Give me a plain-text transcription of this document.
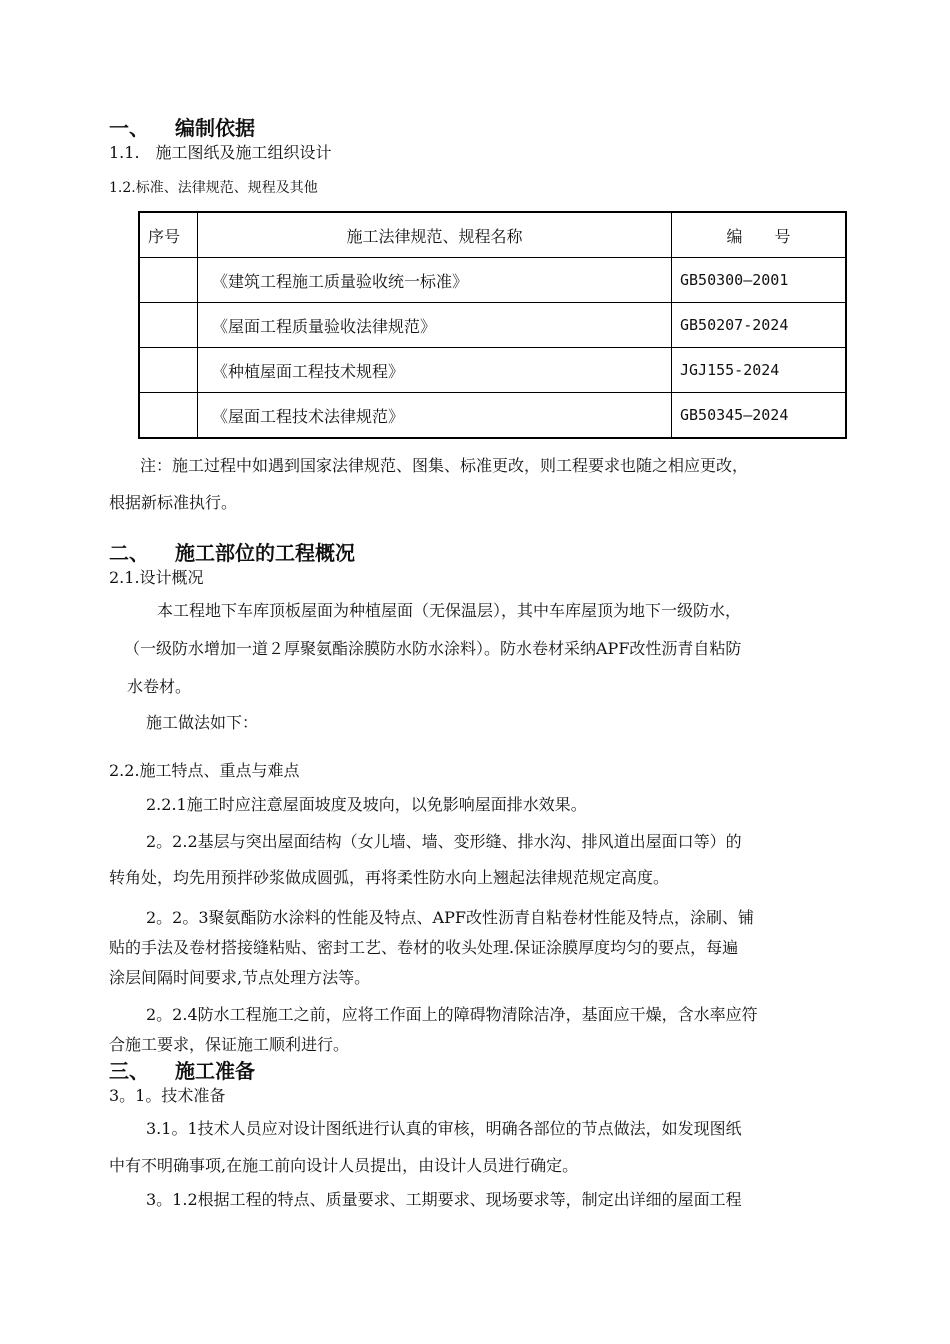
一、 编制依据
1.1.　施工图纸及施工组织设计
1.2.标准、法律规范、规程及其他
序号	施工法律规范、规程名称	编　　号
	《建筑工程施工质量验收统一标准》	GB50300—2001
	《屋面工程质量验收法律规范》	GB50207-2024
	《种植屋面工程技术规程》	JGJ155-2024
	《屋面工程技术法律规范》	GB50345—2024
注：施工过程中如遇到国家法律规范、图集、标准更改，则工程要求也随之相应更改，
根据新标准执行。
二、 施工部位的工程概况
2.1.设计概况
本工程地下车库顶板屋面为种植屋面（无保温层），其中车库屋顶为地下一级防水，
（一级防水增加一道２厚聚氨酯涂膜防水防水涂料）。防水卷材采纳APF改性沥青自粘防
水卷材。
施工做法如下：
2.2.施工特点、重点与难点
2.2.1施工时应注意屋面坡度及坡向，以免影响屋面排水效果。
2。2.2基层与突出屋面结构（女儿墙、墙、变形缝、排水沟、排风道出屋面口等）的
转角处，均先用预拌砂浆做成圆弧，再将柔性防水向上翘起法律规范规定高度。
2。2。3聚氨酯防水涂料的性能及特点、APF改性沥青自粘卷材性能及特点，涂刷、铺
贴的手法及卷材搭接缝粘贴、密封工艺、卷材的收头处理.保证涂膜厚度均匀的要点，每遍
涂层间隔时间要求,节点处理方法等。
2。2.4防水工程施工之前，应将工作面上的障碍物清除洁净，基面应干燥，含水率应符
合施工要求，保证施工顺利进行。
三、 施工准备
3。1。技术准备
3.1。1技术人员应对设计图纸进行认真的审核，明确各部位的节点做法，如发现图纸
中有不明确事项,在施工前向设计人员提出，由设计人员进行确定。
3。1.2根据工程的特点、质量要求、工期要求、现场要求等，制定出详细的屋面工程
